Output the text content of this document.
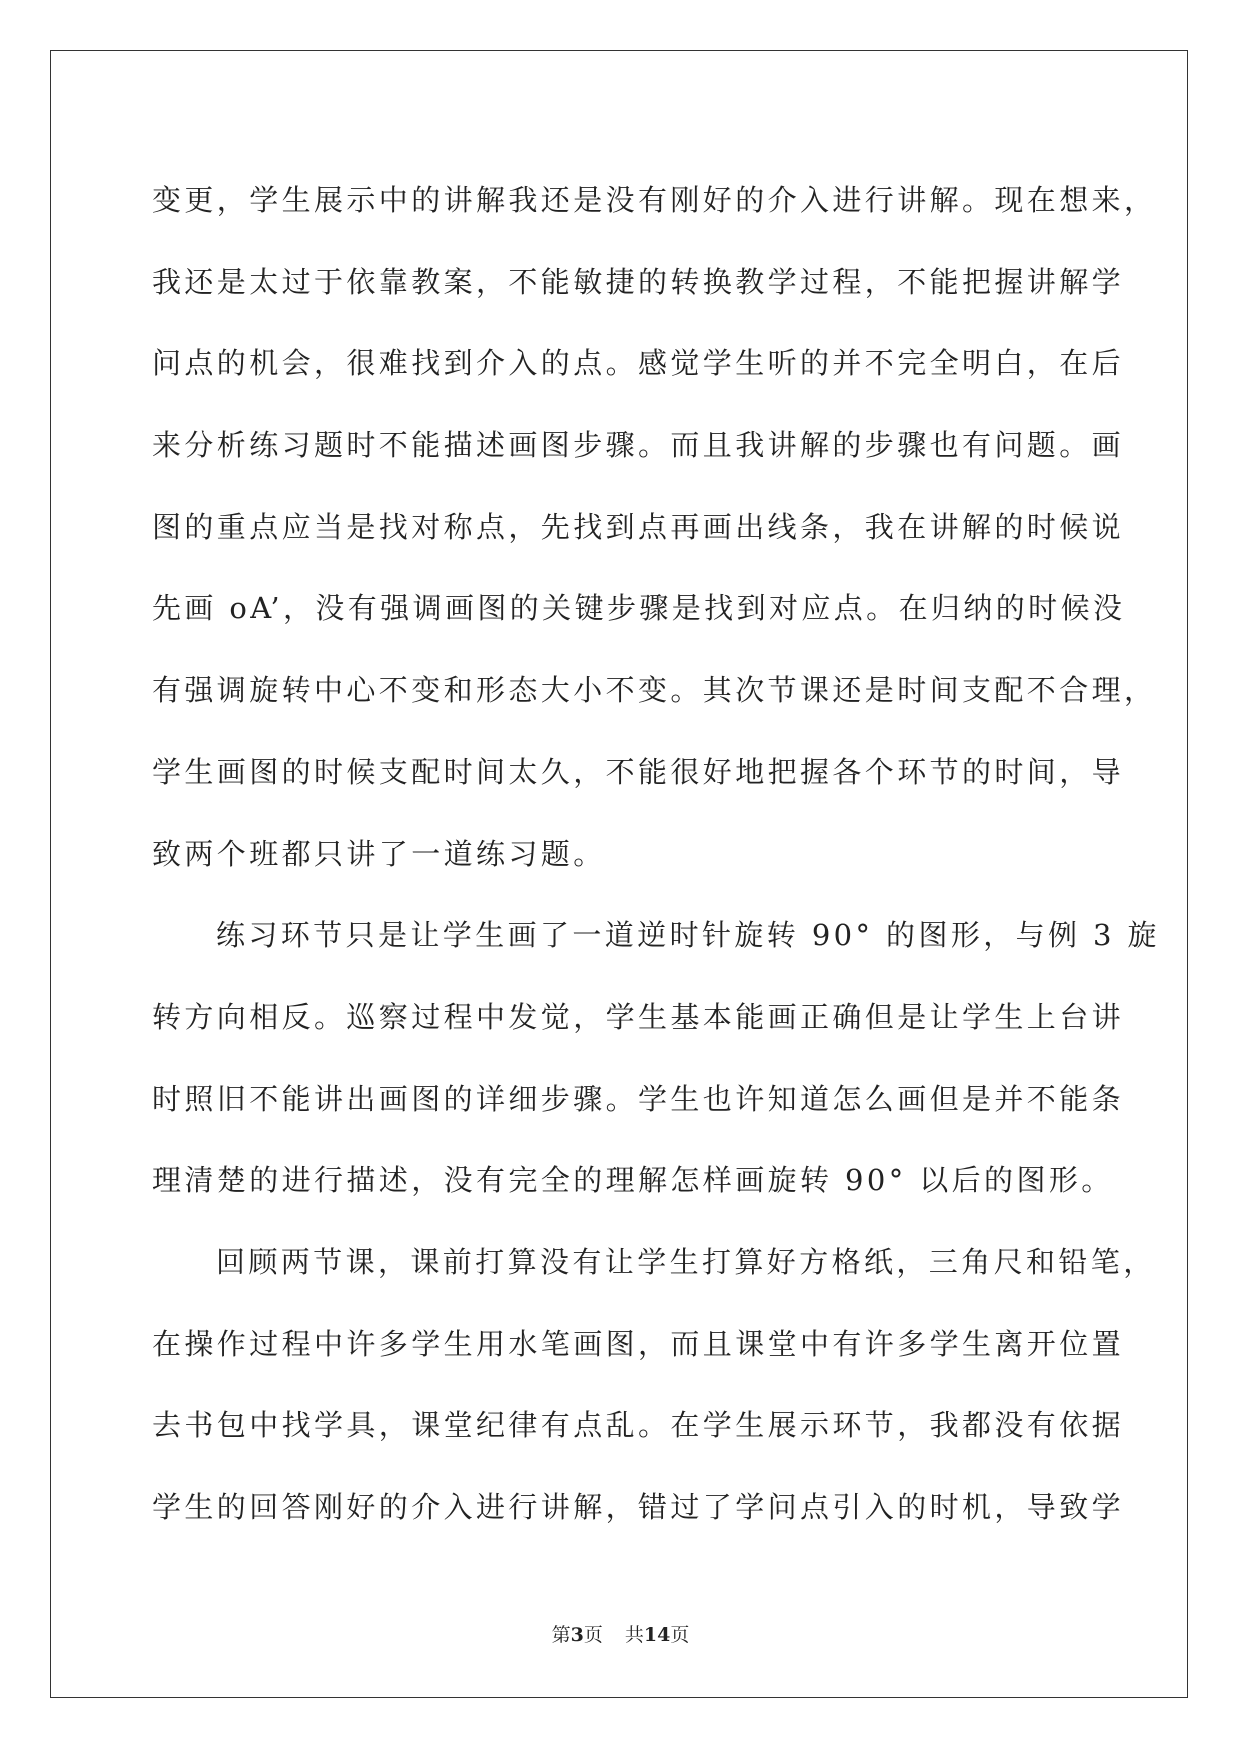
变更，学生展示中的讲解我还是没有刚好的介入进行讲解。现在想来，
我还是太过于依靠教案，不能敏捷的转换教学过程，不能把握讲解学
问点的机会，很难找到介入的点。感觉学生听的并不完全明白，在后
来分析练习题时不能描述画图步骤。而且我讲解的步骤也有问题。画
图的重点应当是找对称点，先找到点再画出线条，我在讲解的时候说
先画 oA’，没有强调画图的关键步骤是找到对应点。在归纳的时候没
有强调旋转中心不变和形态大小不变。其次节课还是时间支配不合理，
学生画图的时候支配时间太久，不能很好地把握各个环节的时间，导
致两个班都只讲了一道练习题。

练习环节只是让学生画了一道逆时针旋转 90° 的图形，与例 3 旋
转方向相反。巡察过程中发觉，学生基本能画正确但是让学生上台讲
时照旧不能讲出画图的详细步骤。学生也许知道怎么画但是并不能条
理清楚的进行描述，没有完全的理解怎样画旋转 90° 以后的图形。

回顾两节课，课前打算没有让学生打算好方格纸，三角尺和铅笔，
在操作过程中许多学生用水笔画图，而且课堂中有许多学生离开位置
去书包中找学具，课堂纪律有点乱。在学生展示环节，我都没有依据
学生的回答刚好的介入进行讲解，错过了学问点引入的时机，导致学

第3页 共14页
